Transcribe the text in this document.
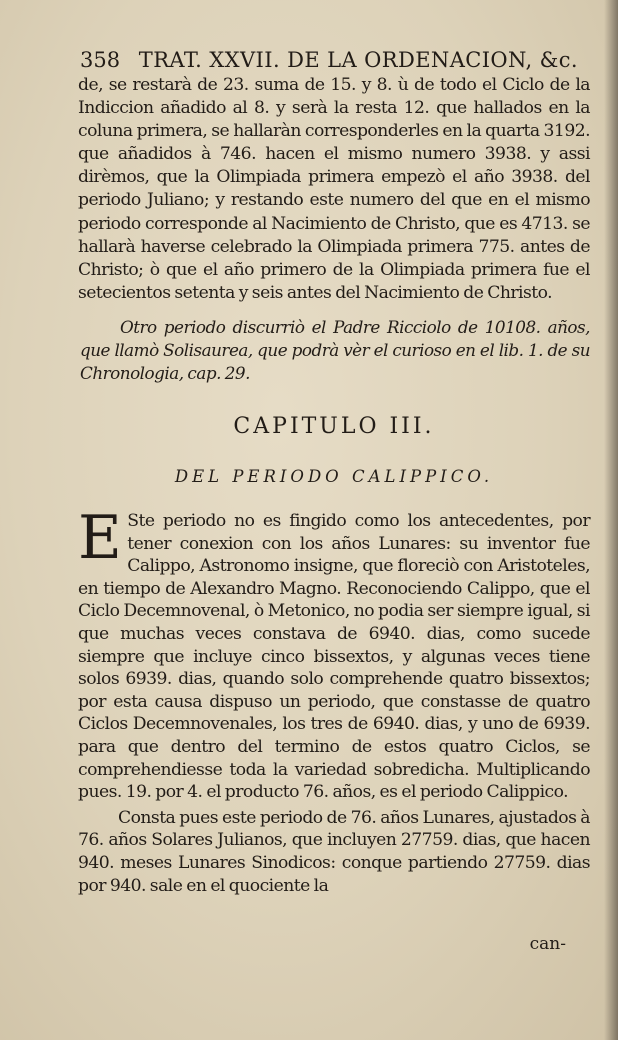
358 TRAT. XXVII. DE LA ORDENACION, &c.

de, se restarà de 23. suma de 15. y 8. ù de todo el Ciclo de la Indiccion añadido al 8. y serà la resta 12. que hallados en la coluna primera, se hallaràn corresponderles en la quarta 3192. que añadidos à 746. hacen el mismo numero 3938. y assi dirèmos, que la Olimpiada primera empezò el año 3938. del periodo Juliano; y restando este numero del que en el mismo periodo corresponde al Nacimiento de Christo, que es 4713. se hallarà haverse celebrado la Olimpiada primera 775. antes de Christo; ò que el año primero de la Olimpiada primera fue el setecientos setenta y seis antes del Nacimiento de Christo.

Otro periodo discurriò el Padre Ricciolo de 10108. años, que llamò Solisaurea, que podrà vèr el curioso en el lib. 1. de su Chronologia, cap. 29.

CAPITULO III.
DEL PERIODO CALIPPICO.
E Ste periodo no es fingido como los antecedentes, por tener conexion con los años Lunares: su inventor fue Calippo, Astronomo insigne, que floreciò con Aristoteles, en tiempo de Alexandro Magno. Reconociendo Calippo, que el Ciclo Decemnovenal, ò Metonico, no podia ser siempre igual, si que muchas veces constava de 6940. dias, como sucede siempre que incluye cinco bissextos, y algunas veces tiene solos 6939. dias, quando solo comprehende quatro bissextos; por esta causa dispuso un periodo, que constasse de quatro Ciclos Decemnovenales, los tres de 6940. dias, y uno de 6939. para que dentro del termino de estos quatro Ciclos, se comprehendiesse toda la variedad sobredicha. Multiplicando pues. 19. por 4. el producto 76. años, es el periodo Calippico.

Consta pues este periodo de 76. años Lunares, ajustados à 76. años Solares Julianos, que incluyen 27759. dias, que hacen 940. meses Lunares Sinodicos: conque partiendo 27759. dias por 940. sale en el quociente la

can-
